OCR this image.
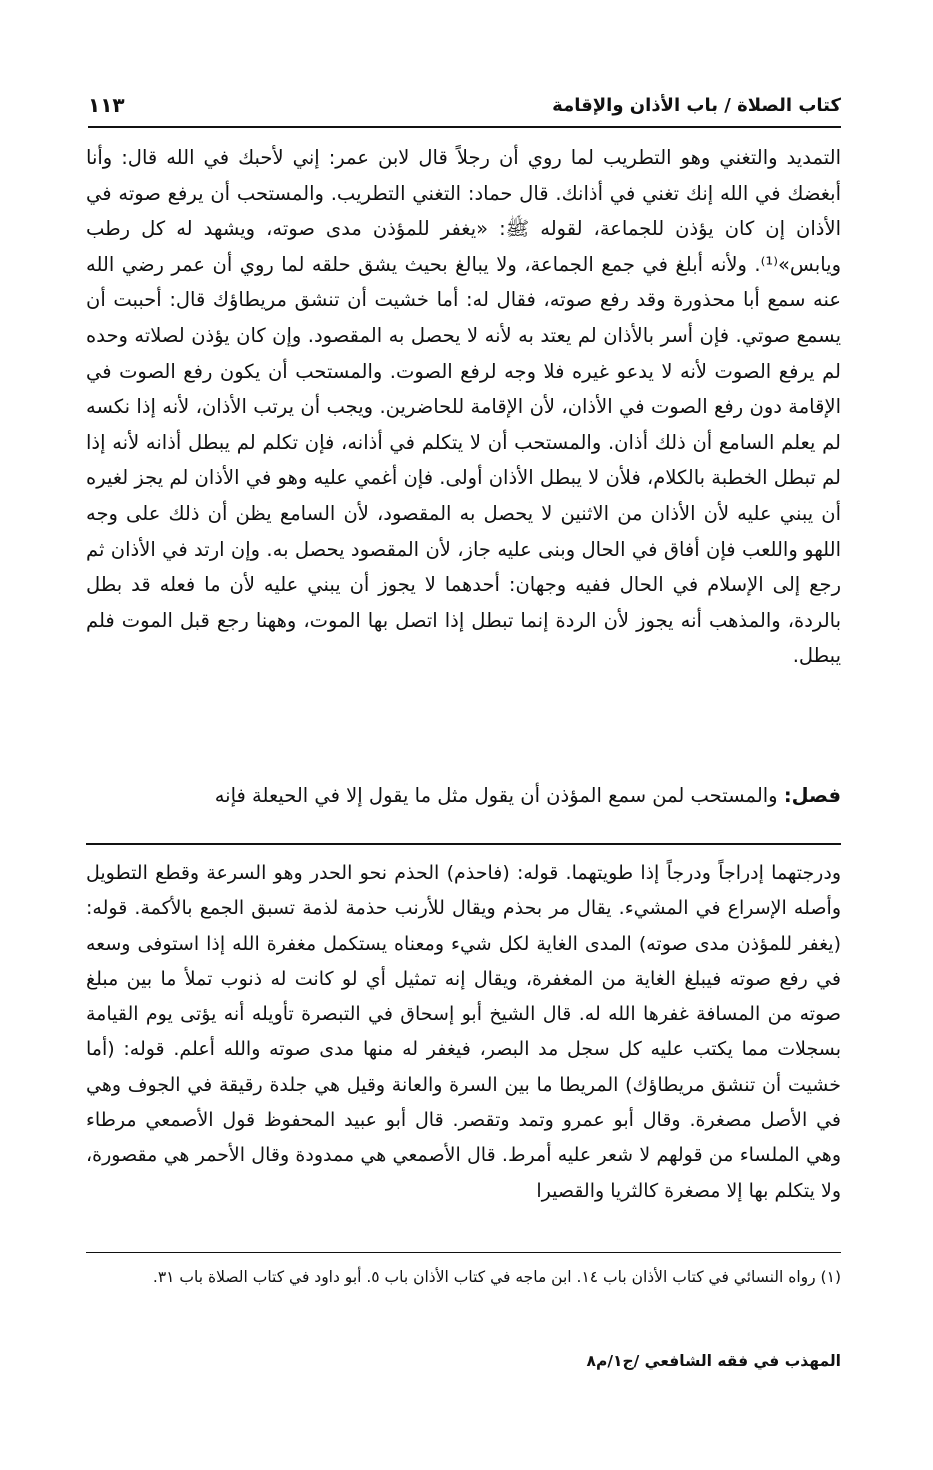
كتاب الصلاة / باب الأذان والإقامة
١١٣

التمديد والتغني وهو التطريب لما روي أن رجلاً قال لابن عمر: إني لأحبك في الله قال: وأنا أبغضك في الله إنك تغني في أذانك. قال حماد: التغني التطريب. والمستحب أن يرفع صوته في الأذان إن كان يؤذن للجماعة، لقوله ﷺ: «يغفر للمؤذن مدى صوته، ويشهد له كل رطب ويابس»⁽¹⁾. ولأنه أبلغ في جمع الجماعة، ولا يبالغ بحيث يشق حلقه لما روي أن عمر رضي الله عنه سمع أبا محذورة وقد رفع صوته، فقال له: أما خشيت أن تنشق مريطاؤك قال: أحببت أن يسمع صوتي. فإن أسر بالأذان لم يعتد به لأنه لا يحصل به المقصود. وإن كان يؤذن لصلاته وحده لم يرفع الصوت لأنه لا يدعو غيره فلا وجه لرفع الصوت. والمستحب أن يكون رفع الصوت في الإقامة دون رفع الصوت في الأذان، لأن الإقامة للحاضرين. ويجب أن يرتب الأذان، لأنه إذا نكسه لم يعلم السامع أن ذلك أذان. والمستحب أن لا يتكلم في أذانه، فإن تكلم لم يبطل أذانه لأنه إذا لم تبطل الخطبة بالكلام، فلأن لا يبطل الأذان أولى. فإن أغمي عليه وهو في الأذان لم يجز لغيره أن يبني عليه لأن الأذان من الاثنين لا يحصل به المقصود، لأن السامع يظن أن ذلك على وجه اللهو واللعب فإن أفاق في الحال وبنى عليه جاز، لأن المقصود يحصل به. وإن ارتد في الأذان ثم رجع إلى الإسلام في الحال ففيه وجهان: أحدهما لا يجوز أن يبني عليه لأن ما فعله قد بطل بالردة، والمذهب أنه يجوز لأن الردة إنما تبطل إذا اتصل بها الموت، وههنا رجع قبل الموت فلم يبطل.

فصل: والمستحب لمن سمع المؤذن أن يقول مثل ما يقول إلا في الحيعلة فإنه

ودرجتهما إدراجاً ودرجاً إذا طويتهما. قوله: (فاحذم) الحذم نحو الحدر وهو السرعة وقطع التطويل وأصله الإسراع في المشيء. يقال مر بحذم ويقال للأرنب حذمة لذمة تسبق الجمع بالأكمة. قوله: (يغفر للمؤذن مدى صوته) المدى الغاية لكل شيء ومعناه يستكمل مغفرة الله إذا استوفى وسعه في رفع صوته فيبلغ الغاية من المغفرة، ويقال إنه تمثيل أي لو كانت له ذنوب تملأ ما بين مبلغ صوته من المسافة غفرها الله له. قال الشيخ أبو إسحاق في التبصرة تأويله أنه يؤتى يوم القيامة بسجلات مما يكتب عليه كل سجل مد البصر، فيغفر له منها مدى صوته والله أعلم. قوله: (أما خشيت أن تنشق مريطاؤك) المريطا ما بين السرة والعانة وقيل هي جلدة رقيقة في الجوف وهي في الأصل مصغرة. وقال أبو عمرو وتمد وتقصر. قال أبو عبيد المحفوظ قول الأصمعي مرطاء وهي الملساء من قولهم لا شعر عليه أمرط. قال الأصمعي هي ممدودة وقال الأحمر هي مقصورة، ولا يتكلم بها إلا مصغرة كالثريا والقصيرا

(١) رواه النسائي في كتاب الأذان باب ١٤. ابن ماجه في كتاب الأذان باب ٥. أبو داود في كتاب الصلاة باب ٣١.

المهذب في فقه الشافعي /ج١/م٨
